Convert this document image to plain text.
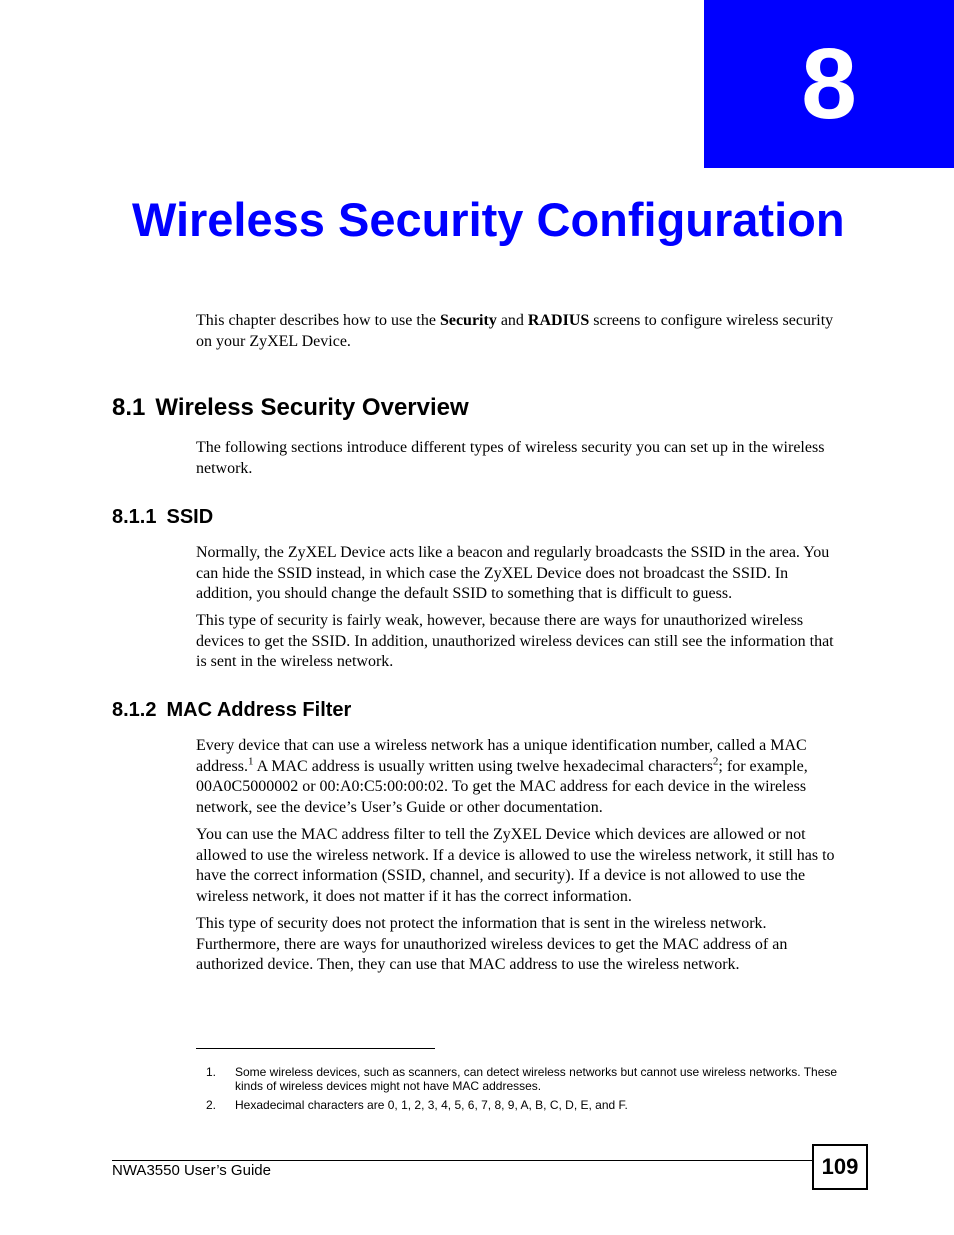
8
Wireless Security Configuration

This chapter describes how to use the Security and RADIUS screens to configure wireless security on your ZyXEL Device.

8.1 Wireless Security Overview

The following sections introduce different types of wireless security you can set up in the wireless network.

8.1.1 SSID

Normally, the ZyXEL Device acts like a beacon and regularly broadcasts the SSID in the area. You can hide the SSID instead, in which case the ZyXEL Device does not broadcast the SSID. In addition, you should change the default SSID to something that is difficult to guess.

This type of security is fairly weak, however, because there are ways for unauthorized wireless devices to get the SSID. In addition, unauthorized wireless devices can still see the information that is sent in the wireless network.

8.1.2 MAC Address Filter

Every device that can use a wireless network has a unique identification number, called a MAC address.$^1$ A MAC address is usually written using twelve hexadecimal characters$^2$; for example, 00A0C5000002 or 00:A0:C5:00:00:02. To get the MAC address for each device in the wireless network, see the device’s User’s Guide or other documentation.

You can use the MAC address filter to tell the ZyXEL Device which devices are allowed or not allowed to use the wireless network. If a device is allowed to use the wireless network, it still has to have the correct information (SSID, channel, and security). If a device is not allowed to use the wireless network, it does not matter if it has the correct information.

This type of security does not protect the information that is sent in the wireless network. Furthermore, there are ways for unauthorized wireless devices to get the MAC address of an authorized device. Then, they can use that MAC address to use the wireless network.

1. Some wireless devices, such as scanners, can detect wireless networks but cannot use wireless networks. These kinds of wireless devices might not have MAC addresses.
2. Hexadecimal characters are 0, 1, 2, 3, 4, 5, 6, 7, 8, 9, A, B, C, D, E, and F.
NWA3550 User’s Guide	109
